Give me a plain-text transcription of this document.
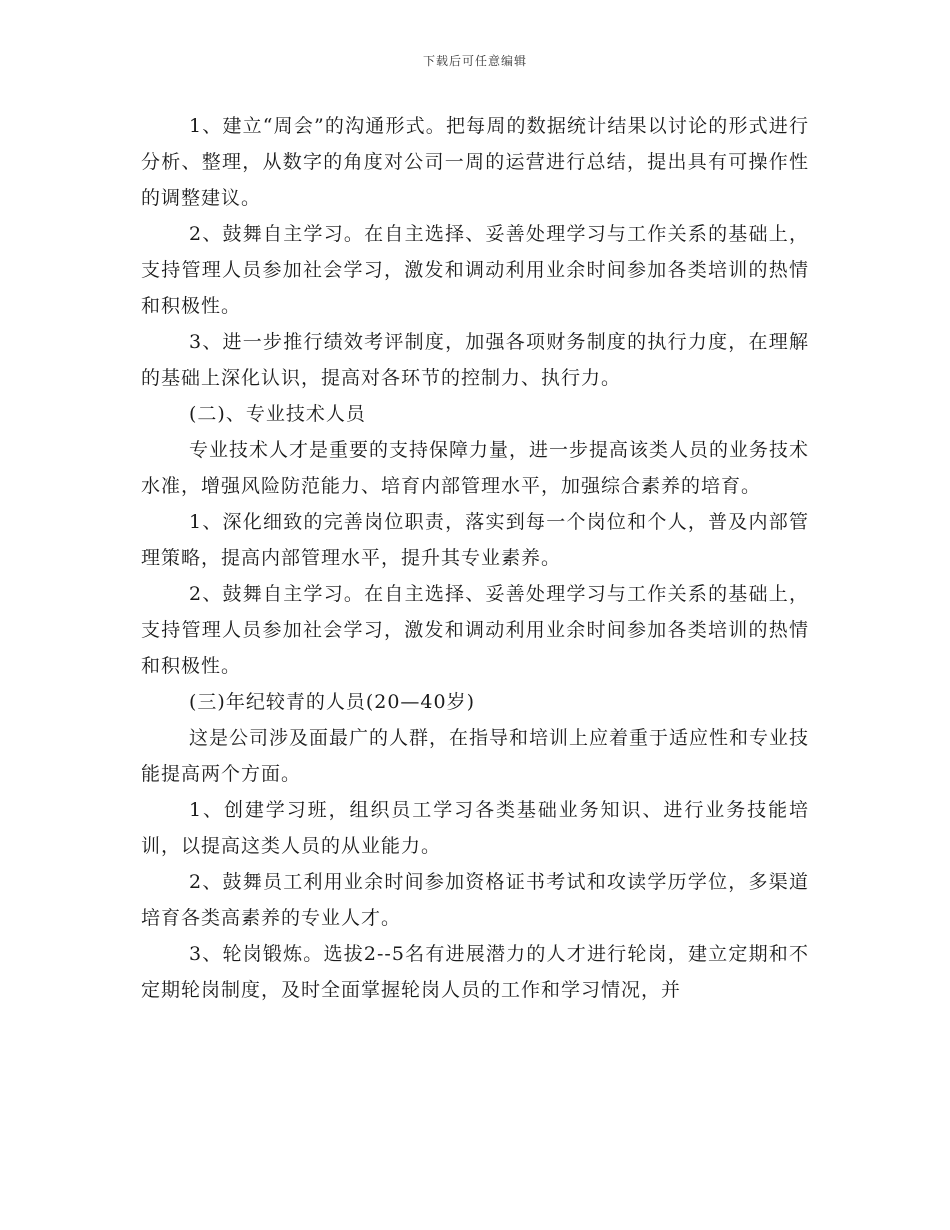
下载后可任意编辑

1、建立“周会”的沟通形式。把每周的数据统计结果以讨论的形式进行分析、整理，从数字的角度对公司一周的运营进行总结，提出具有可操作性的调整建议。

2、鼓舞自主学习。在自主选择、妥善处理学习与工作关系的基础上，支持管理人员参加社会学习，激发和调动利用业余时间参加各类培训的热情和积极性。

3、进一步推行绩效考评制度，加强各项财务制度的执行力度，在理解的基础上深化认识，提高对各环节的控制力、执行力。

(二)、专业技术人员

专业技术人才是重要的支持保障力量，进一步提高该类人员的业务技术水准，增强风险防范能力、培育内部管理水平，加强综合素养的培育。

1、深化细致的完善岗位职责，落实到每一个岗位和个人，普及内部管理策略，提高内部管理水平，提升其专业素养。

2、鼓舞自主学习。在自主选择、妥善处理学习与工作关系的基础上，支持管理人员参加社会学习，激发和调动利用业余时间参加各类培训的热情和积极性。

(三)年纪较青的人员(20—40岁)

这是公司涉及面最广的人群，在指导和培训上应着重于适应性和专业技能提高两个方面。

1、创建学习班，组织员工学习各类基础业务知识、进行业务技能培训，以提高这类人员的从业能力。

2、鼓舞员工利用业余时间参加资格证书考试和攻读学历学位，多渠道培育各类高素养的专业人才。

3、轮岗锻炼。选拔2--5名有进展潜力的人才进行轮岗，建立定期和不定期轮岗制度，及时全面掌握轮岗人员的工作和学习情况，并
